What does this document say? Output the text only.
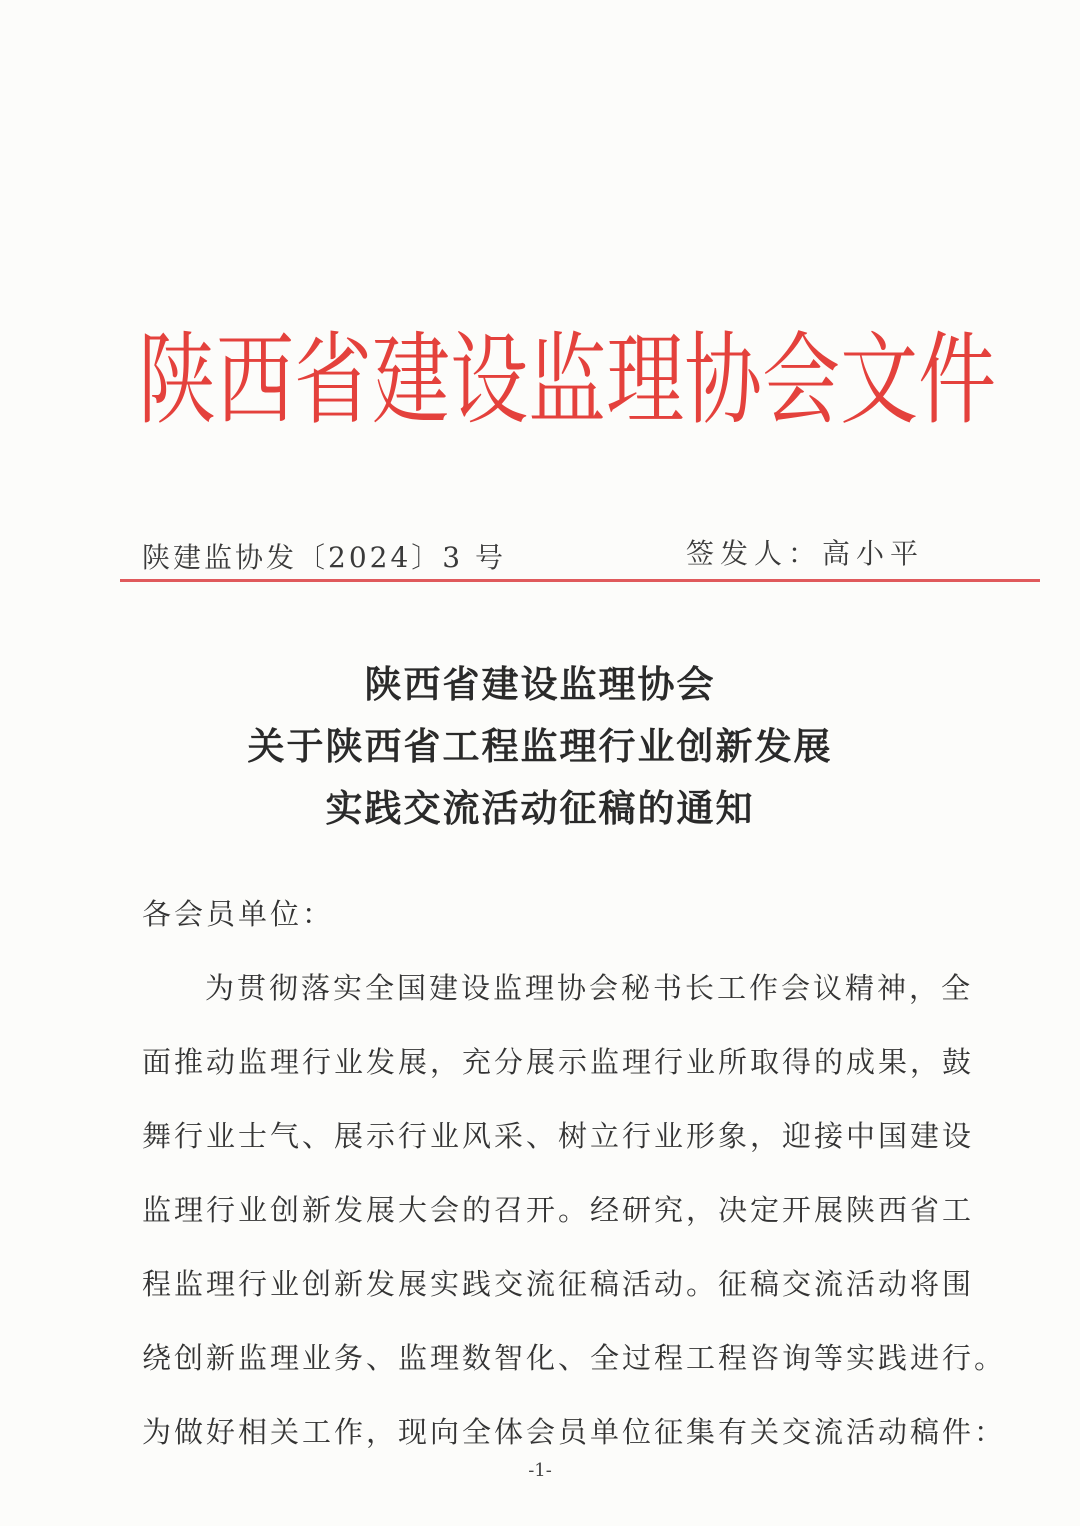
陕 西 省 建 设 监 理 协 会 文 件
陕建监协发〔2024〕3 号	签发人：高小平
陕西省建设监理协会
关于陕西省工程监理行业创新发展
实践交流活动征稿的通知
各会员单位：
为贯彻落实全国建设监理协会秘书长工作会议精神，全
面推动监理行业发展，充分展示监理行业所取得的成果，鼓
舞行业士气、展示行业风采、树立行业形象，迎接中国建设
监理行业创新发展大会的召开。经研究，决定开展陕西省工
程监理行业创新发展实践交流征稿活动。征稿交流活动将围
绕创新监理业务、监理数智化、全过程工程咨询等实践进行。
为做好相关工作，现向全体会员单位征集有关交流活动稿件：
-1-
